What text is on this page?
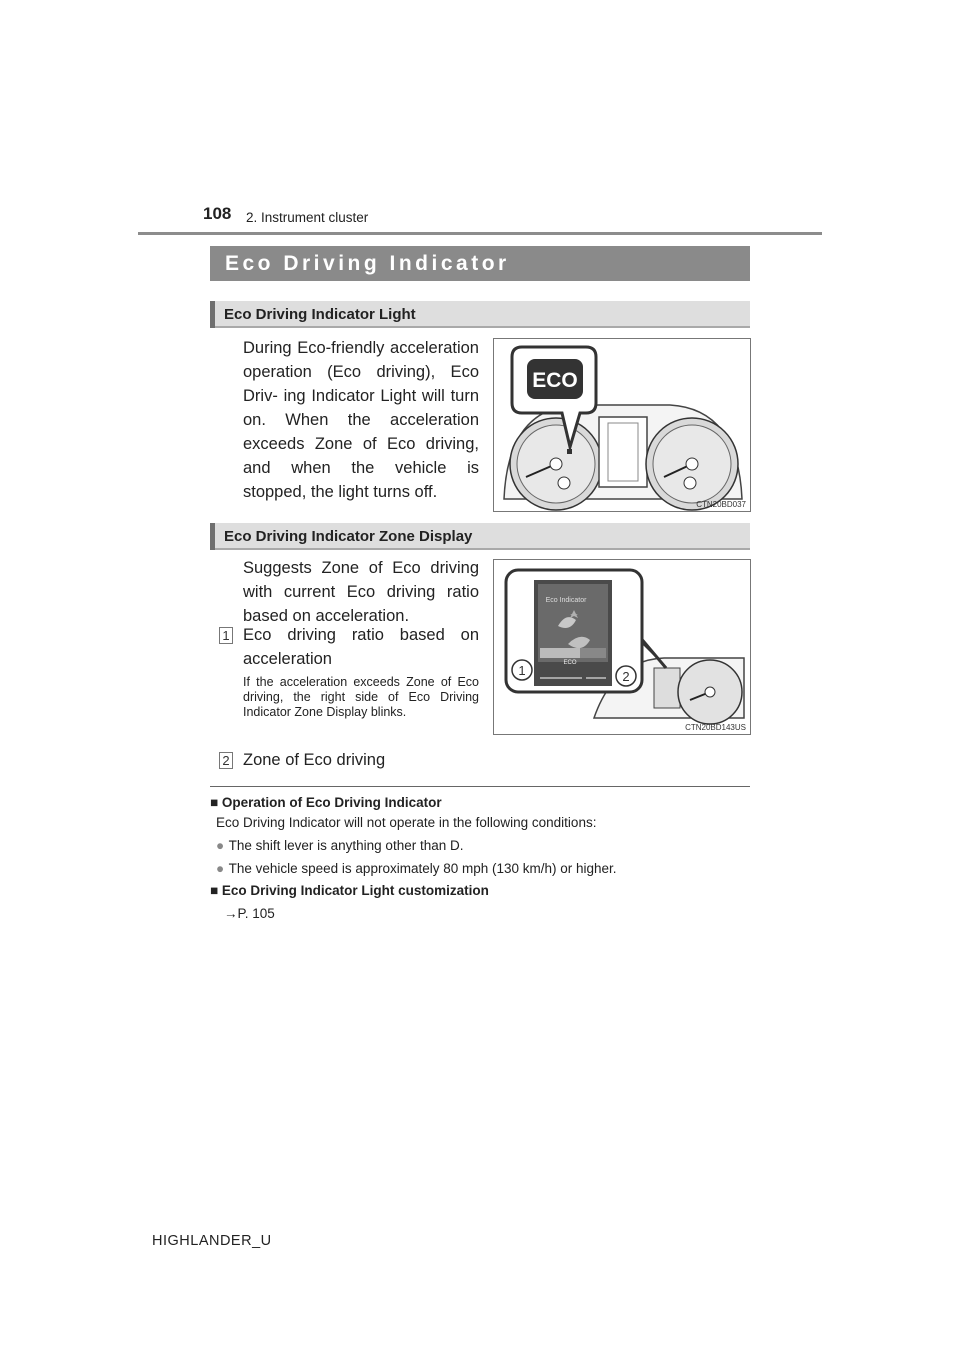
108 2. Instrument cluster
Eco Driving Indicator
Eco Driving Indicator Light
During Eco-friendly acceleration operation (Eco driving), Eco Driv- ing Indicator Light will turn on. When the acceleration exceeds Zone of Eco driving, and when the vehicle is stopped, the light turns off.
ECO
CTN20BD037
Eco Driving Indicator Zone Display
Suggests Zone of Eco driving with current Eco driving ratio based on acceleration.
1 Eco driving ratio based on acceleration
If the acceleration exceeds Zone of Eco driving, the right side of Eco Driving Indicator Zone Display blinks.
2 Zone of Eco driving
Eco Indicator
ECO
1	2
CTN20BD143US
■ Operation of Eco Driving Indicator
Eco Driving Indicator will not operate in the following conditions:
● The shift lever is anything other than D.
● The vehicle speed is approximately 80 mph (130 km/h) or higher.
■ Eco Driving Indicator Light customization
→P. 105
HIGHLANDER_U
